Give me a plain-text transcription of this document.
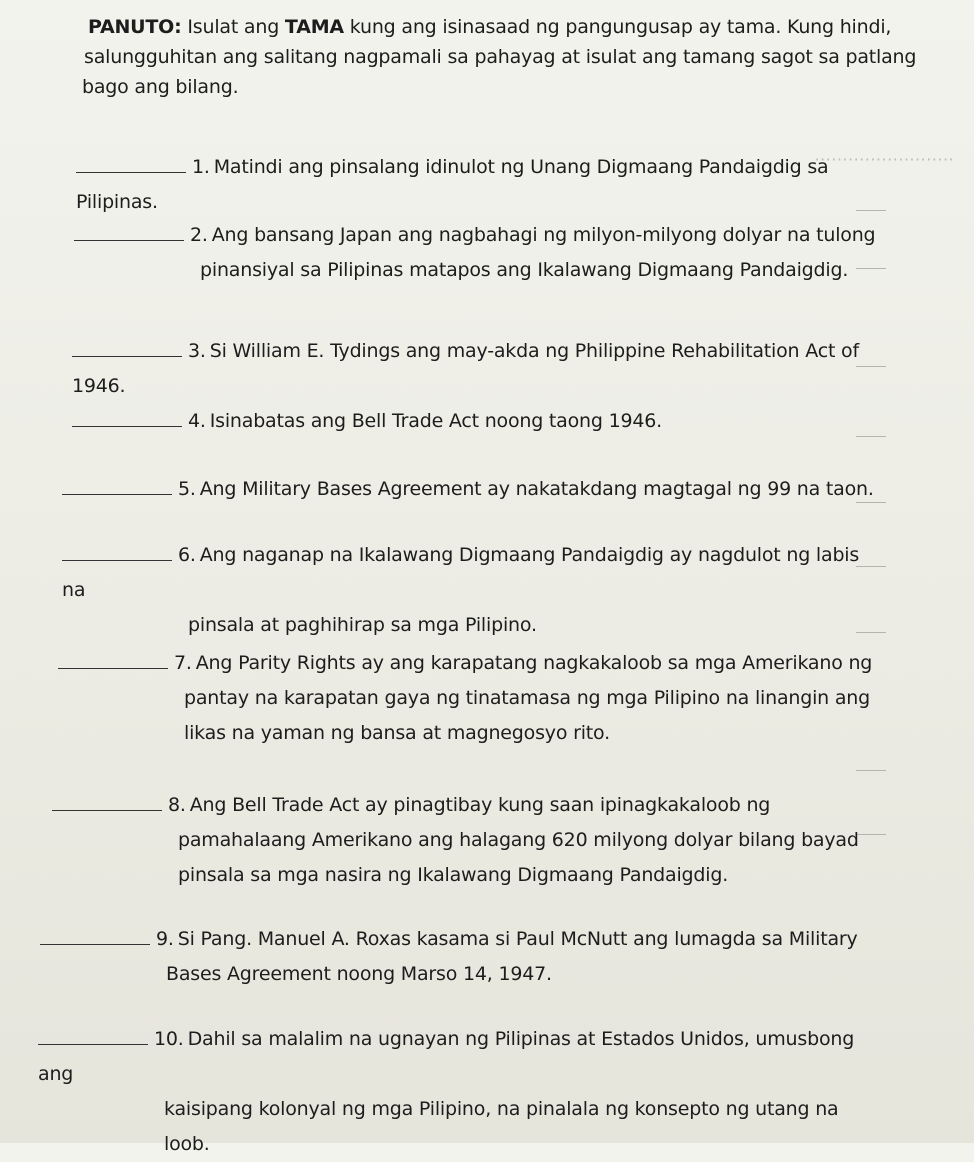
·························
PANUTO: Isulat ang TAMA kung ang isinasaad ng pangungusap ay tama. Kung hindi,
salungguhitan ang salitang nagpamali sa pahayag at isulat ang tamang sagot sa patlang
bago ang bilang.
1. Matindi ang pinsalang idinulot ng Unang Digmaang Pandaigdig sa Pilipinas.
2. Ang bansang Japan ang nagbahagi ng milyon-milyong dolyar na tulong
pinansiyal sa Pilipinas matapos ang Ikalawang Digmaang Pandaigdig.
3. Si William E. Tydings ang may-akda ng Philippine Rehabilitation Act of 1946.
4. Isinabatas ang Bell Trade Act noong taong 1946.
5. Ang Military Bases Agreement ay nakatakdang magtagal ng 99 na taon.
6. Ang naganap na Ikalawang Digmaang Pandaigdig ay nagdulot ng labis na
pinsala at paghihirap sa mga Pilipino.
7. Ang Parity Rights ay ang karapatang nagkakaloob sa mga Amerikano ng
pantay na karapatan gaya ng tinatamasa ng mga Pilipino na linangin ang
likas na yaman ng bansa at magnegosyo rito.
8. Ang Bell Trade Act ay pinagtibay kung saan ipinagkakaloob ng
pamahalaang Amerikano ang halagang 620 milyong dolyar bilang bayad
pinsala sa mga nasira ng Ikalawang Digmaang Pandaigdig.
9. Si Pang. Manuel A. Roxas kasama si Paul McNutt ang lumagda sa Military
Bases Agreement noong Marso 14, 1947.
10. Dahil sa malalim na ugnayan ng Pilipinas at Estados Unidos, umusbong ang
kaisipang kolonyal ng mga Pilipino, na pinalala ng konsepto ng utang na
loob.
